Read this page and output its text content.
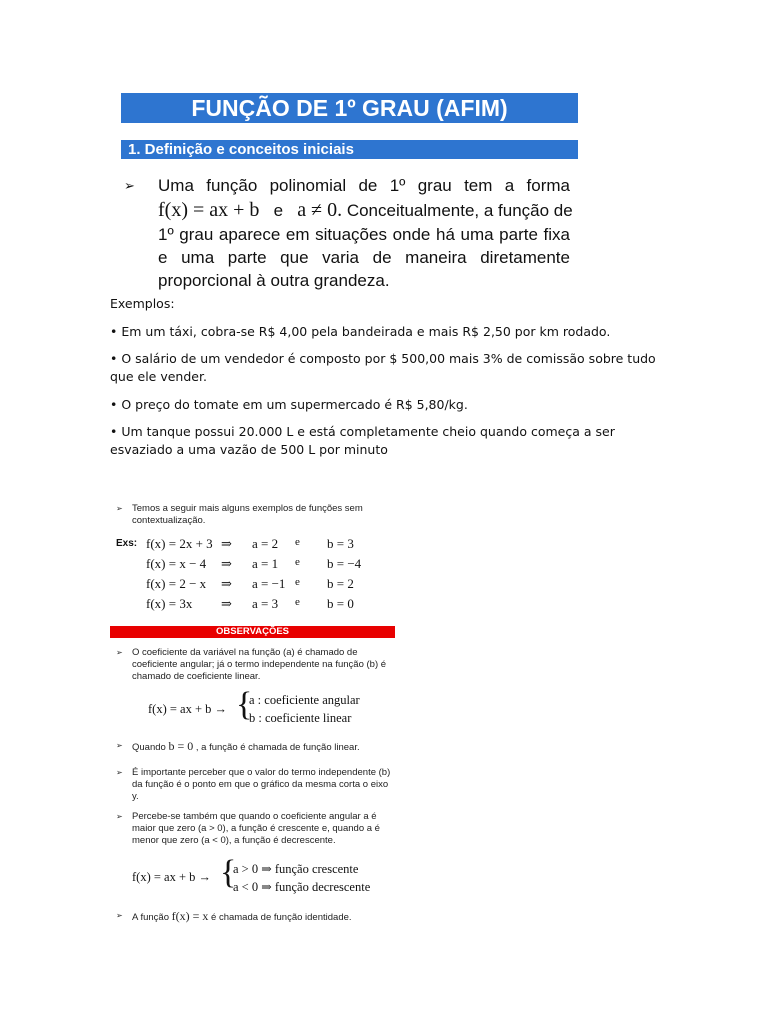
FUNÇÃO DE 1º GRAU (AFIM)
1. Definição e conceitos iniciais
➢ Uma função polinomial de 1º grau tem a forma
f(x) = ax + b e a ≠ 0. Conceitualmente, a função de
1º grau aparece em situações onde há uma parte fixa e uma parte que varia de maneira diretamente proporcional à outra grandeza.
Exemplos:
• Em um táxi, cobra-se R$ 4,00 pela bandeirada e mais R$ 2,50 por km rodado.
• O salário de um vendedor é composto por $ 500,00 mais 3% de comissão sobre tudo que ele vender.
• O preço do tomate em um supermercado é R$ 5,80/kg.
• Um tanque possui 20.000 L e está completamente cheio quando começa a ser esvaziado a uma vazão de 500 L por minuto
➢ Temos a seguir mais alguns exemplos de funções sem contextualização.
Exs: f(x) = 2x + 3 ⇒ a = 2 e b = 3
f(x) = x − 4 ⇒ a = 1 e b = −4
f(x) = 2 − x ⇒ a = −1 e b = 2
f(x) = 3x ⇒ a = 3 e b = 0
OBSERVAÇÕES
➢ O coeficiente da variável na função (a) é chamado de coeficiente angular; já o termo independente na função (b) é chamado de coeficiente linear.
f(x) = ax + b → {
a : coeficiente angular
b : coeficiente linear
➢ Quando b = 0 , a função é chamada de função linear.
➢ É importante perceber que o valor do termo independente (b) da função é o ponto em que o gráfico da mesma corta o eixo y.
➢ Percebe-se também que quando o coeficiente angular a é maior que zero (a > 0), a função é crescente e, quando a é menor que zero (a < 0), a função é decrescente.
f(x) = ax + b → {
a > 0 ⇒ função crescente
a < 0 ⇒ função decrescente
➢ A função f(x) = x é chamada de função identidade.
